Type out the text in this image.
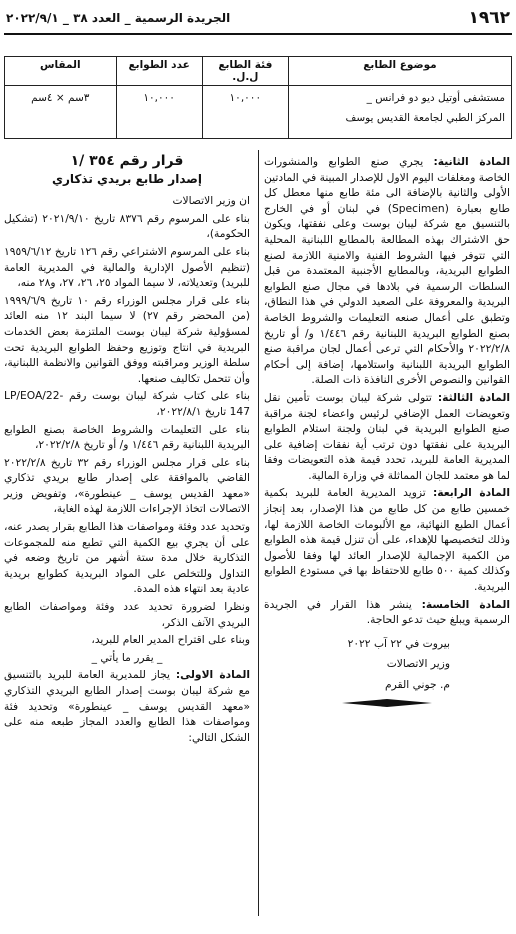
١٩٦٢
الجريدة الرسمية _ العدد ٣٨ _ ٢٠٢٢/٩/١
موضوع الطابع	فئة الطابع ل.ل.	عدد الطوابع	المقاس

مستشفى أوتيل ديو دو فرانس _
المركز الطبي لجامعة القديس يوسف	١٠,٠٠٠	١٠,٠٠٠	٣سم × ٤سم

المادة الثانية: يجري صنع الطوابع والمنشورات الخاصة ومغلفات اليوم الاول للإصدار المبينة في المادتين الأولى والثانية بالإضافة الى مئة طابع منها معطل كل طابع بعبارة (Specimen) في لبنان أو في الخارج بالتنسيق مع شركة ليبان بوست وعلى نفقتها، ويكون حق الاشتراك بهذه المطالعة بالمطابع اللبنانية المحلية التي تتوفر فيها الشروط الفنية والامنية اللازمة لصنع الطوابع البريدية، وبالمطابع الأجنبية المعتمدة من قبل السلطات الرسمية في بلادها في مجال صنع الطوابع البريدية والمعروفة على الصعيد الدولي في هذا النطاق، وتطبق على أعمال صنعه التعليمات والشروط الخاصة بصنع الطوابع البريدية اللبنانية رقم ١/٤٤٦ و/ أو تاريخ ٢٠٢٢/٢/٨ والأحكام التي ترعى أعمال لجان مراقبة صنع الطوابع البريدية اللبنانية واستلامها، إضافة إلى أحكام القوانين والنصوص الأخرى النافذة ذات الصلة.

المادة الثالثة: تتولى شركة ليبان بوست تأمين نقل وتعويضات العمل الإضافي لرئيس واعضاء لجنة مراقبة صنع الطوابع البريدية في لبنان ولجنة استلام الطوابع البريدية على نفقتها دون ترتب أية نفقات إضافية على المديرية العامة للبريد، تحدد قيمة هذه التعويضات وفقا لما هو معتمد للجان المماثلة في وزارة المالية.

المادة الرابعة: تزويد المديرية العامة للبريد بكمية خمسين طابع من كل طابع من هذا الإصدار، بعد إنجاز أعمال الطبع النهائية، مع الألبومات الخاصة اللازمة لها، وذلك لتخصيصها للإهداء، على أن تنزل قيمة هذه الطوابع من الكمية الإجمالية للإصدار العائد لها وفقا للأصول وكذلك كمية ٥٠٠ طابع للاحتفاظ بها في مستودع الطوابع البريدية.

المادة الخامسة: ينشر هذا القرار في الجريدة الرسمية ويبلغ حيث تدعو الحاجة.

بيروت في ٢٢ آب ٢٠٢٢

وزير الاتصالات

م. جوني القرم

قرار رقم ٣٥٤ /١
إصدار طابع بريدي تذكاري

ان وزير الاتصالات

بناء على المرسوم رقم ٨٣٧٦ تاريخ ٢٠٢١/٩/١٠ (تشكيل الحكومة)،

بناء على المرسوم الاشتراعي رقم ١٢٦ تاريخ ١٩٥٩/٦/١٢ (تنظيم الأصول الإدارية والمالية في المديرية العامة للبريد) وتعديلاته، لا سيما المواد ٢٥، ٢٦، ٢٧، و٢٨ منه،

بناء على قرار مجلس الوزراء رقم ١٠ تاريخ ١٩٩٩/٦/٩ (من المحضر رقم ٢٧) لا سيما البند ١٢ منه العائد لمسؤولية شركة ليبان بوست الملتزمة بعض الخدمات البريدية في انتاج وتوزيع وحفظ الطوابع البريدية تحت سلطة الوزير ومراقبته ووفق القوانين والانظمة اللبنانية، وأن تتحمل تكاليف صنعها.

بناء على كتاب شركة ليبان بوست رقم LP/EOA/22-147 تاريخ ٢٠٢٢/٨/١،

بناء على التعليمات والشروط الخاصة بصنع الطوابع البريدية اللبنانية رقم ١/٤٤٦ و/ أو تاريخ ٢٠٢٢/٢/٨،

بناء على قرار مجلس الوزراء رقم ٣٢ تاريخ ٢٠٢٢/٢/٨ القاضي بالموافقة على إصدار طابع بريدي تذكاري «معهد القديس يوسف _ عينطورة»، وتفويض وزير الاتصالات اتخاذ الإجراءات اللازمة لهذه الغاية،

وتحديد عدد وفئة ومواصفات هذا الطابع بقرار يصدر عنه، على أن يجري بيع الكمية التي تطبع منه للمجموعات التذكارية خلال مدة ستة أشهر من تاريخ وضعه في التداول وللتخلص على المواد البريدية كطوابع بريدية عادية بعد انتهاء هذه المدة.

ونظرا لضرورة تحديد عدد وفئة ومواصفات الطابع البريدي الآنف الذكر،

وبناء على اقتراح المدير العام للبريد،

_ يقرر ما يأتي _

المادة الاولى: يجاز للمديرية العامة للبريد بالتنسيق مع شركة ليبان بوست إصدار الطابع البريدي التذكاري «معهد القديس يوسف _ عينطورة» وتحديد فئة ومواصفات هذا الطابع والعدد المجاز طبعه منه على الشكل التالي:
